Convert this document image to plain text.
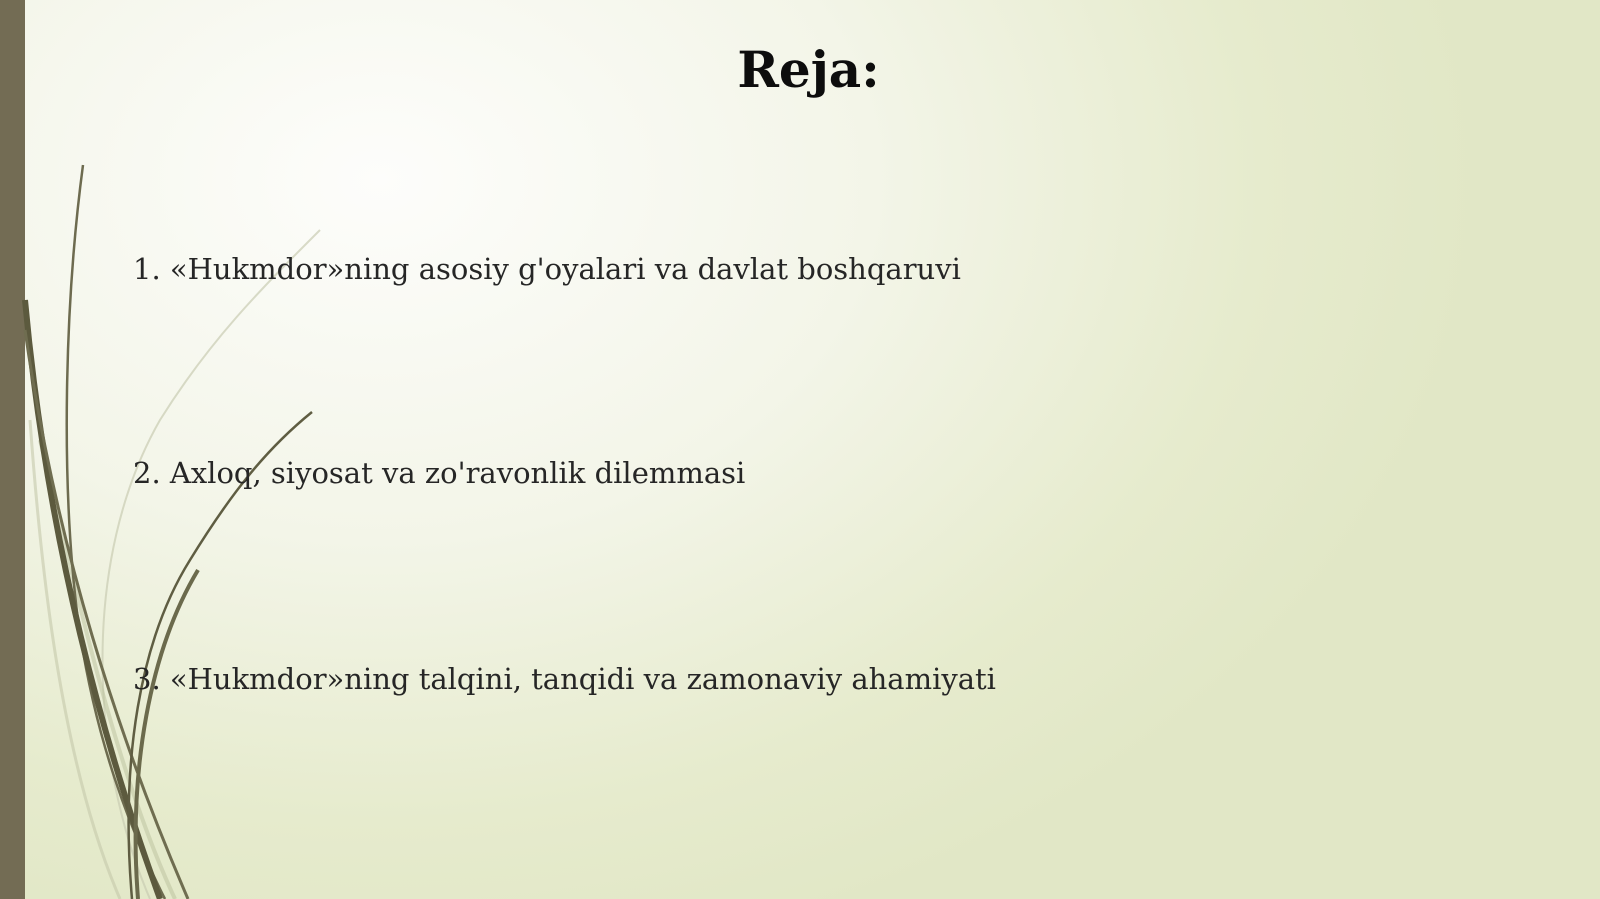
Reja:
1. «Hukmdor»ning asosiy g'oyalari va davlat boshqaruvi
2. Axloq, siyosat va zo'ravonlik dilemmasi
3. «Hukmdor»ning talqini, tanqidi va zamonaviy ahamiyati
